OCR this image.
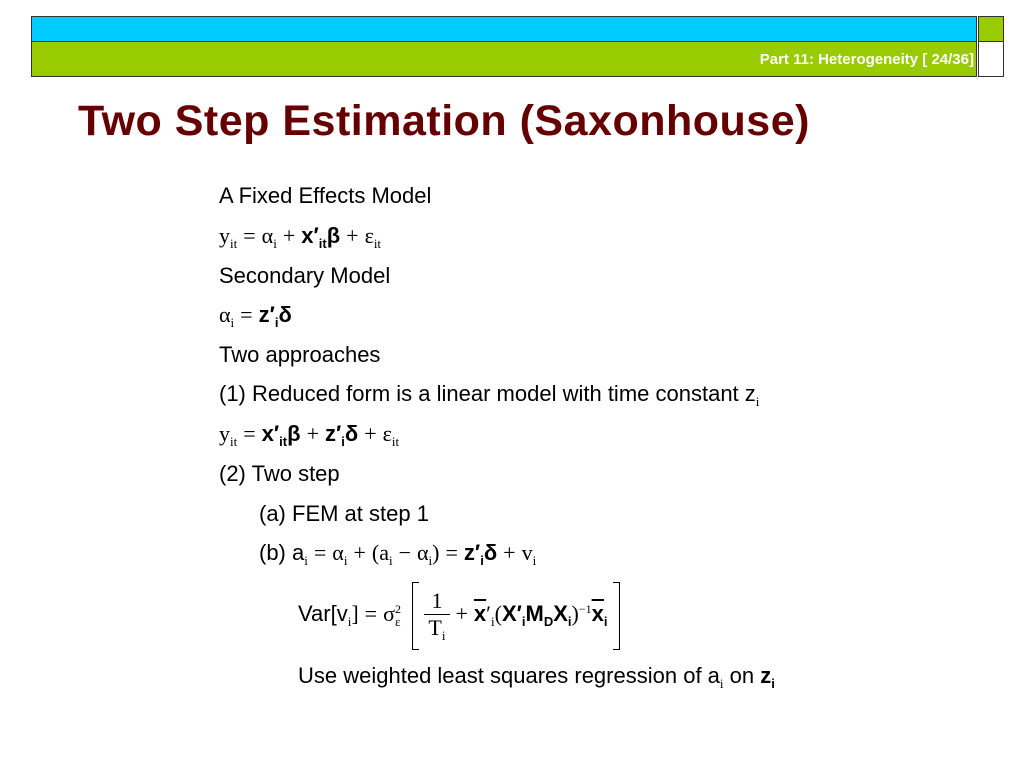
Part 11: Heterogeneity [ 24/36]
Two Step Estimation (Saxonhouse)
A Fixed Effects Model
$y_{it} = \alpha_i + x'_{it}\beta + \varepsilon_{it}$
Secondary Model
$\alpha_i = z'_i\delta$
Two approaches
(1) Reduced form is a linear model with time constant $z_i$
$y_{it} = x'_{it}\beta + z'_i\delta + \varepsilon_{it}$
(2) Two step
(a) FEM at step 1
(b) $a_i = \alpha_i + (a_i - \alpha_i) = z'_i\delta + v_i$
$Var[v_i] = \sigma^2_\varepsilon \frac{1}{T_i} + \overline{x}'_i(X'_iM_DX_i)^{-1}\overline{x}_i$
Use weighted least squares regression of $a_i$ on $z_i$
